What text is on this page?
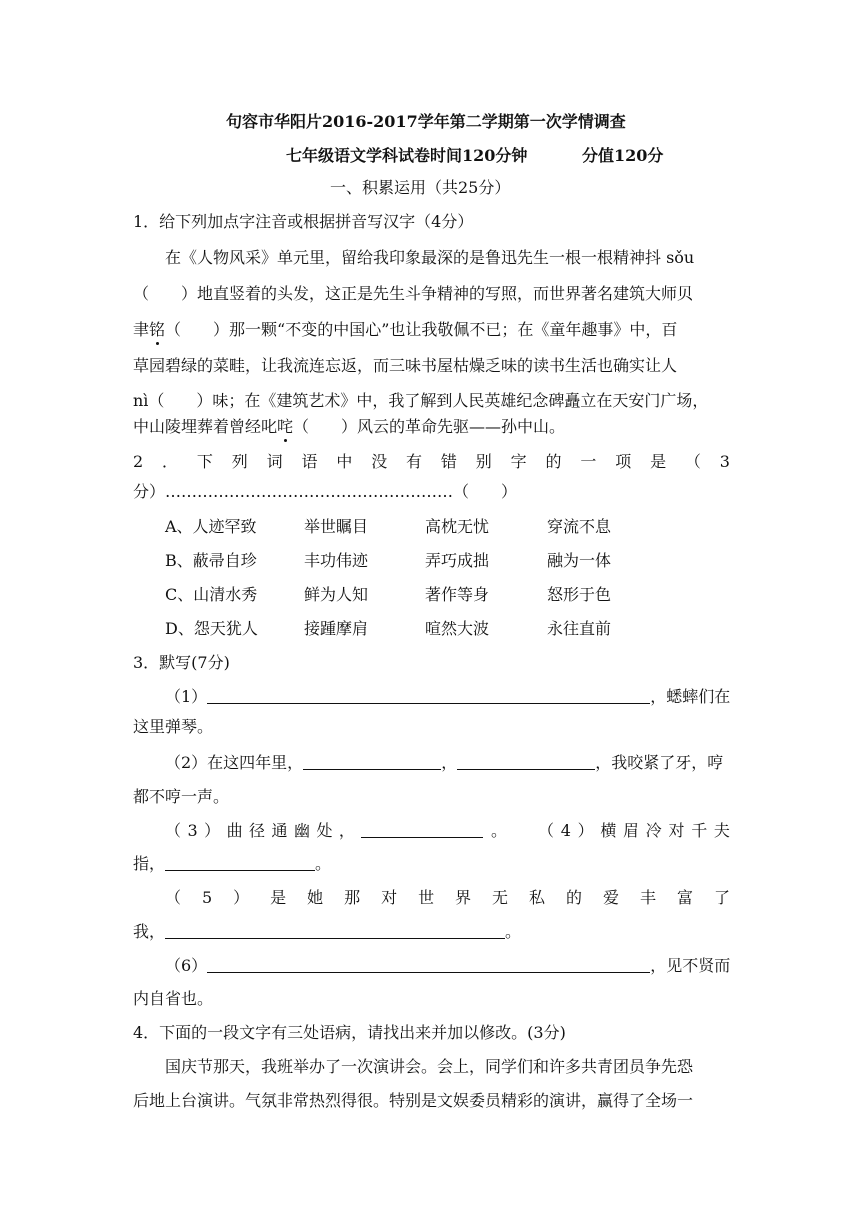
句容市华阳片2016-2017学年第二学期第一次学情调查
七年级语文学科试卷时间120分钟	分值120分
一、积累运用（共25分）
1．给下列加点字注音或根据拼音写汉字（4分）
在《人物风采》单元里，留给我印象最深的是鲁迅先生一根一根精神抖 sǒu
（　　）地直竖着的头发，这正是先生斗争精神的写照，而世界著名建筑大师贝
聿铭（　　）那一颗“不变的中国心”也让我敬佩不已；在《童年趣事》中，百
草园碧绿的菜畦，让我流连忘返，而三味书屋枯燥乏味的读书生活也确实让人
nì（　　）味；在《建筑艺术》中，我了解到人民英雄纪念碑矗立在天安门广场，
中山陵埋葬着曾经叱咤（　　）风云的革命先驱——孙中山。
2 ． 下 列 词 语 中 没 有 错 别 字 的 一 项 是 （ 3
分）………………………………………………（　　）
A、人迹罕致	举世瞩目	高枕无忧	穿流不息
B、蔽帚自珍	丰功伟迹	弄巧成拙	融为一体
C、山清水秀	鲜为人知	著作等身	怒形于色
D、怨天犹人	接踵摩肩	喧然大波	永往直前
3．默写(7分)
（1）	，蟋蟀们在
这里弹琴。
（2）在这四年里，	，	，我咬紧了牙，哼
都不哼一声。
（ 3 ） 曲 径 通 幽 处 ，	。 （ 4 ） 横 眉 冷 对 千 夫
指，	。
（ 5 ） 是 她 那 对 世 界 无 私 的 爱 丰 富 了
我，	。
（6）	，见不贤而
内自省也。
4．下面的一段文字有三处语病，请找出来并加以修改。(3分)
国庆节那天，我班举办了一次演讲会。会上，同学们和许多共青团员争先恐
后地上台演讲。气氛非常热烈得很。特别是文娱委员精彩的演讲，赢得了全场一
